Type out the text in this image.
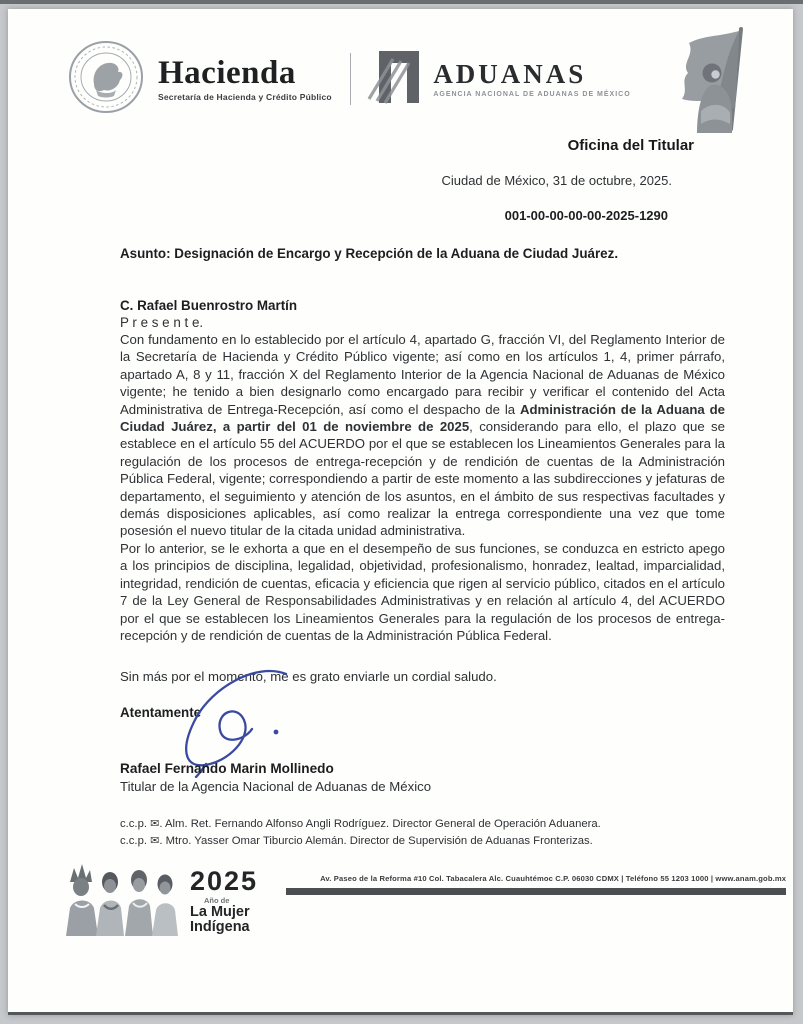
Hacienda
Secretaría de Hacienda y Crédito Público
ADUANAS
AGENCIA NACIONAL DE ADUANAS DE MÉXICO
Oficina del Titular
Ciudad de México, 31 de octubre, 2025.
001-00-00-00-00-2025-1290
Asunto: Designación de Encargo y Recepción de la Aduana de Ciudad Juárez.
C. Rafael Buenrostro Martín
P r e s e n t e.

Con fundamento en lo establecido por el artículo 4, apartado G, fracción VI, del Reglamento Interior de la Secretaría de Hacienda y Crédito Público vigente; así como en los artículos 1, 4, primer párrafo, apartado A, 8 y 11, fracción X del Reglamento Interior de la Agencia Nacional de Aduanas de México vigente; he tenido a bien designarlo como encargado para recibir y verificar el contenido del Acta Administrativa de Entrega-Recepción, así como el despacho de la Administración de la Aduana de Ciudad Juárez, a partir del 01 de noviembre de 2025, considerando para ello, el plazo que se establece en el artículo 55 del ACUERDO por el que se establecen los Lineamientos Generales para la regulación de los procesos de entrega-recepción y de rendición de cuentas de la Administración Pública Federal, vigente; correspondiendo a partir de este momento a las subdirecciones y jefaturas de departamento, el seguimiento y atención de los asuntos, en el ámbito de sus respectivas facultades y demás disposiciones aplicables, así como realizar la entrega correspondiente una vez que tome posesión el nuevo titular de la citada unidad administrativa.

Por lo anterior, se le exhorta a que en el desempeño de sus funciones, se conduzca en estricto apego a los principios de disciplina, legalidad, objetividad, profesionalismo, honradez, lealtad, imparcialidad, integridad, rendición de cuentas, eficacia y eficiencia que rigen al servicio público, citados en el artículo 7 de la Ley General de Responsabilidades Administrativas y en relación al artículo 4, del ACUERDO por el que se establecen los Lineamientos Generales para la regulación de los procesos de entrega-recepción y de rendición de cuentas de la Administración Pública Federal.

Sin más por el momento, me es grato enviarle un cordial saludo.
Atentamente
Rafael Fernando Marin Mollinedo
Titular de la Agencia Nacional de Aduanas de México
c.c.p. ✉. Alm. Ret. Fernando Alfonso Angli Rodríguez. Director General de Operación Aduanera.
c.c.p. ✉. Mtro. Yasser Omar Tiburcio Alemán. Director de Supervisión de Aduanas Fronterizas.
2025
Año de
La Mujer
Indígena
Av. Paseo de la Reforma #10 Col. Tabacalera Alc. Cuauhtémoc C.P. 06030 CDMX | Teléfono 55 1203 1000 | www.anam.gob.mx
